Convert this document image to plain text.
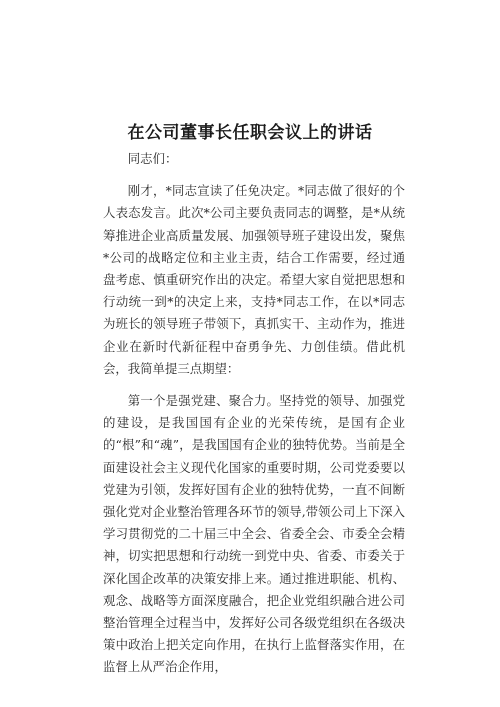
在公司董事长任职会议上的讲话

同志们：

刚才，*同志宣读了任免决定。*同志做了很好的个人表态发言。此次*公司主要负责同志的调整，是*从统筹推进企业高质量发展、加强领导班子建设出发，聚焦*公司的战略定位和主业主责，结合工作需要，经过通盘考虑、慎重研究作出的决定。希望大家自觉把思想和行动统一到*的决定上来，支持*同志工作，在以*同志为班长的领导班子带领下，真抓实干、主动作为，推进企业在新时代新征程中奋勇争先、力创佳绩。借此机会，我简单提三点期望：

第一个是强党建、聚合力。坚持党的领导、加强党的建设，是我国国有企业的光荣传统，是国有企业的“根”和“魂”，是我国国有企业的独特优势。当前是全面建设社会主义现代化国家的重要时期，公司党委要以党建为引领，发挥好国有企业的独特优势，一直不间断强化党对企业整治管理各环节的领导,带领公司上下深入学习贯彻党的二十届三中全会、省委全会、市委全会精神，切实把思想和行动统一到党中央、省委、市委关于深化国企改革的决策安排上来。通过推进职能、机构、观念、战略等方面深度融合，把企业党组织融合进公司整治管理全过程当中，发挥好公司各级党组织在各级决策中政治上把关定向作用，在执行上监督落实作用，在监督上从严治企作用，
